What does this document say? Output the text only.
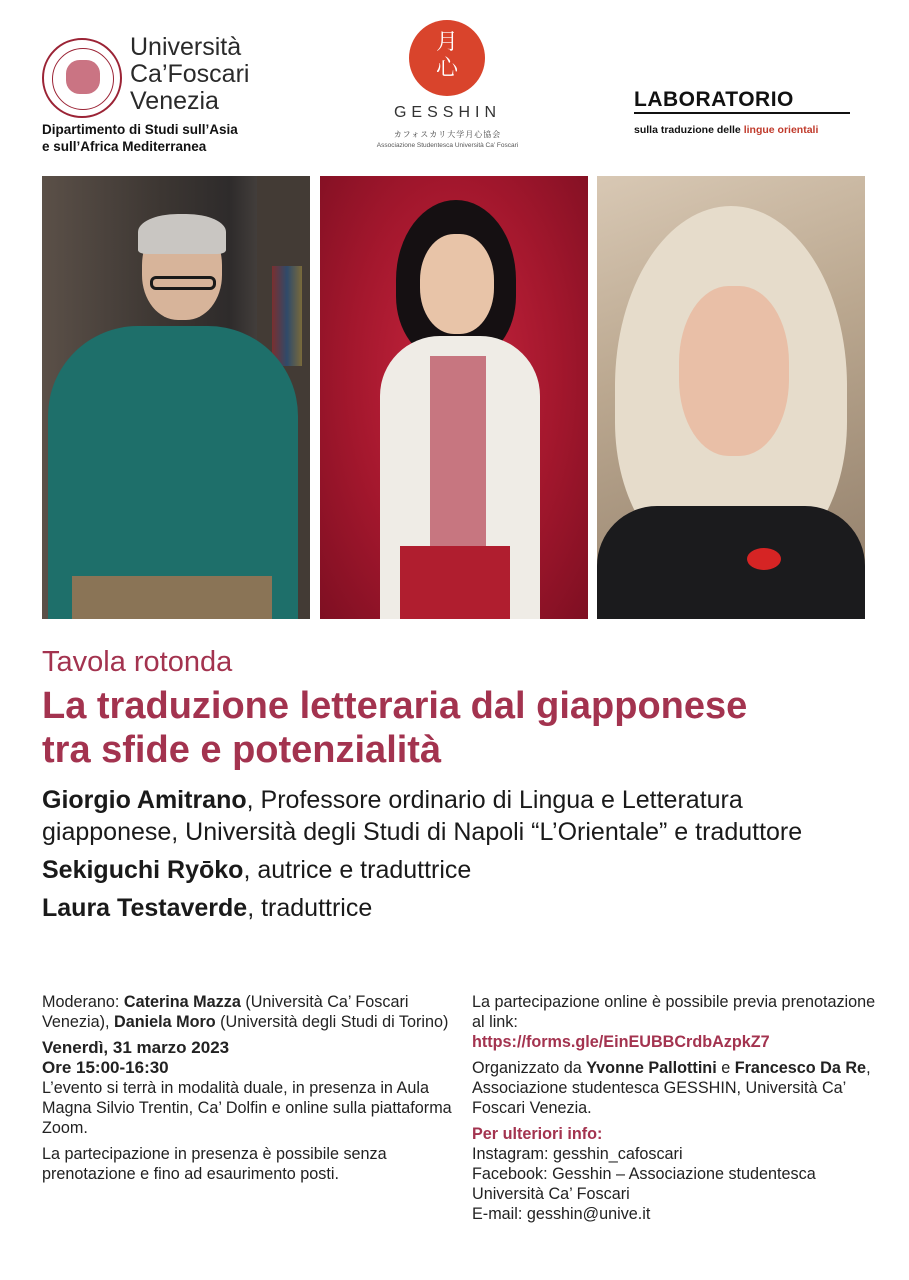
Università
Ca’Foscari
Venezia
Dipartimento di Studi sull’Asia
e sull’Africa Mediterranea
月
心
GESSHIN
カフォスカリ大学月心協会
Associazione Studentesca Università Ca’ Foscari
LABORATORIO
sulla traduzione delle lingue orientali
Tavola rotonda
La traduzione letteraria dal giapponese
tra sfide e potenzialità

Giorgio Amitrano, Professore ordinario di Lingua e Letteratura giapponese, Università degli Studi di Napoli “L’Orientale” e traduttore

Sekiguchi Ryōko, autrice e traduttrice

Laura Testaverde, traduttrice

Moderano: Caterina Mazza (Università Ca’ Foscari Venezia), Daniela Moro (Università degli Studi di Torino)

Venerdì, 31 marzo 2023
Ore 15:00-16:30

L’evento si terrà in modalità duale, in presenza in Aula Magna Silvio Trentin, Ca’ Dolfin e online sulla piattaforma Zoom.

La partecipazione in presenza è possibile senza prenotazione e fino ad esaurimento posti.

La partecipazione online è possibile previa prenotazione al link:

https://forms.gle/EinEUBBCrdbAzpkZ7

Organizzato da Yvonne Pallottini e Francesco Da Re, Associazione studentesca GESSHIN, Università Ca’ Foscari Venezia.

Per ulteriori info:
Instagram: gesshin_cafoscari
Facebook: Gesshin – Associazione studentesca Università Ca’ Foscari
E-mail: gesshin@unive.it
